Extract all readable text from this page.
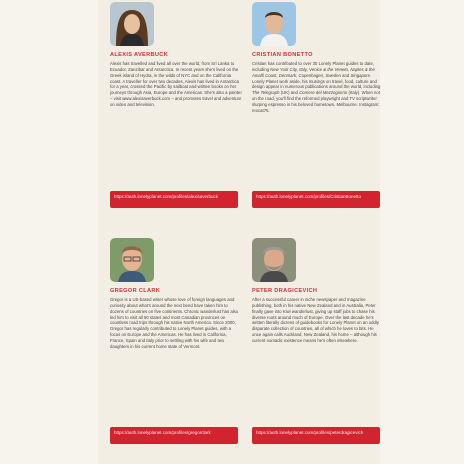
ALEXIS AVERBUCK
Alexis has travelled and lived all over the world, from Sri Lanka to Ecuador, Zanzibar and Antarctica. In recent years she's lived on the Greek island of Hydra, in the wilds of NYC and on the California coast. A traveller for over two decades, Alexis has lived in Antarctica for a year, crossed the Pacific by sailboat and written books on her journeys through Asia, Europe and the Americas. She's also a painter – visit www.alexisaverbuck.com – and promotes travel and adventure on video and television.
https://auth.lonelyplanet.com/profiles/alexisaverbuck
CRISTIAN BONETTO
Cristian has contributed to over 30 Lonely Planet guides to date, including New York City, Italy, Venice & the Veneto, Naples & the Amalfi Coast, Denmark, Copenhagen, Sweden and Singapore. Lonely Planet work aside, his musings on travel, food, culture and design appear in numerous publications around the world, including The Telegraph (UK) and Corriere del Mezzogiorno (Italy). When not on the road, you'll find the reformed playwright and TV scriptwriter slurping espresso in his beloved hometown, Melbourne. Instagram: rexcat75.
https://auth.lonelyplanet.com/profiles/CristianBonetto
GREGOR CLARK
Gregor is a US-based writer whose love of foreign languages and curiosity about what's around the next bend have taken him to dozens of countries on five continents. Chronic wanderlust has also led him to visit all 50 states and most Canadian provinces on countless road trips through his native North America. Since 2000, Gregor has regularly contributed to Lonely Planet guides, with a focus on Europe and the Americas. He has lived in California, France, Spain and Italy prior to settling with his wife and two daughters in his current home state of Vermont.
https://auth.lonelyplanet.com/profiles/gregorclark
PETER DRAGICEVICH
After a successful career in niche newspaper and magazine publishing, both in his native New Zealand and in Australia, Peter finally gave into Kiwi wanderlust, giving up staff jobs to chase his diverse roots around much of Europe. Over the last decade he's written literally dozens of guidebooks for Lonely Planet on an oddly disparate collection of countries, all of which he loves to bits. He once again calls Auckland, New Zealand, his home – although his current nomadic existence means he's often elsewhere.
https://auth.lonelyplanet.com/profiles/peterdragicevich
